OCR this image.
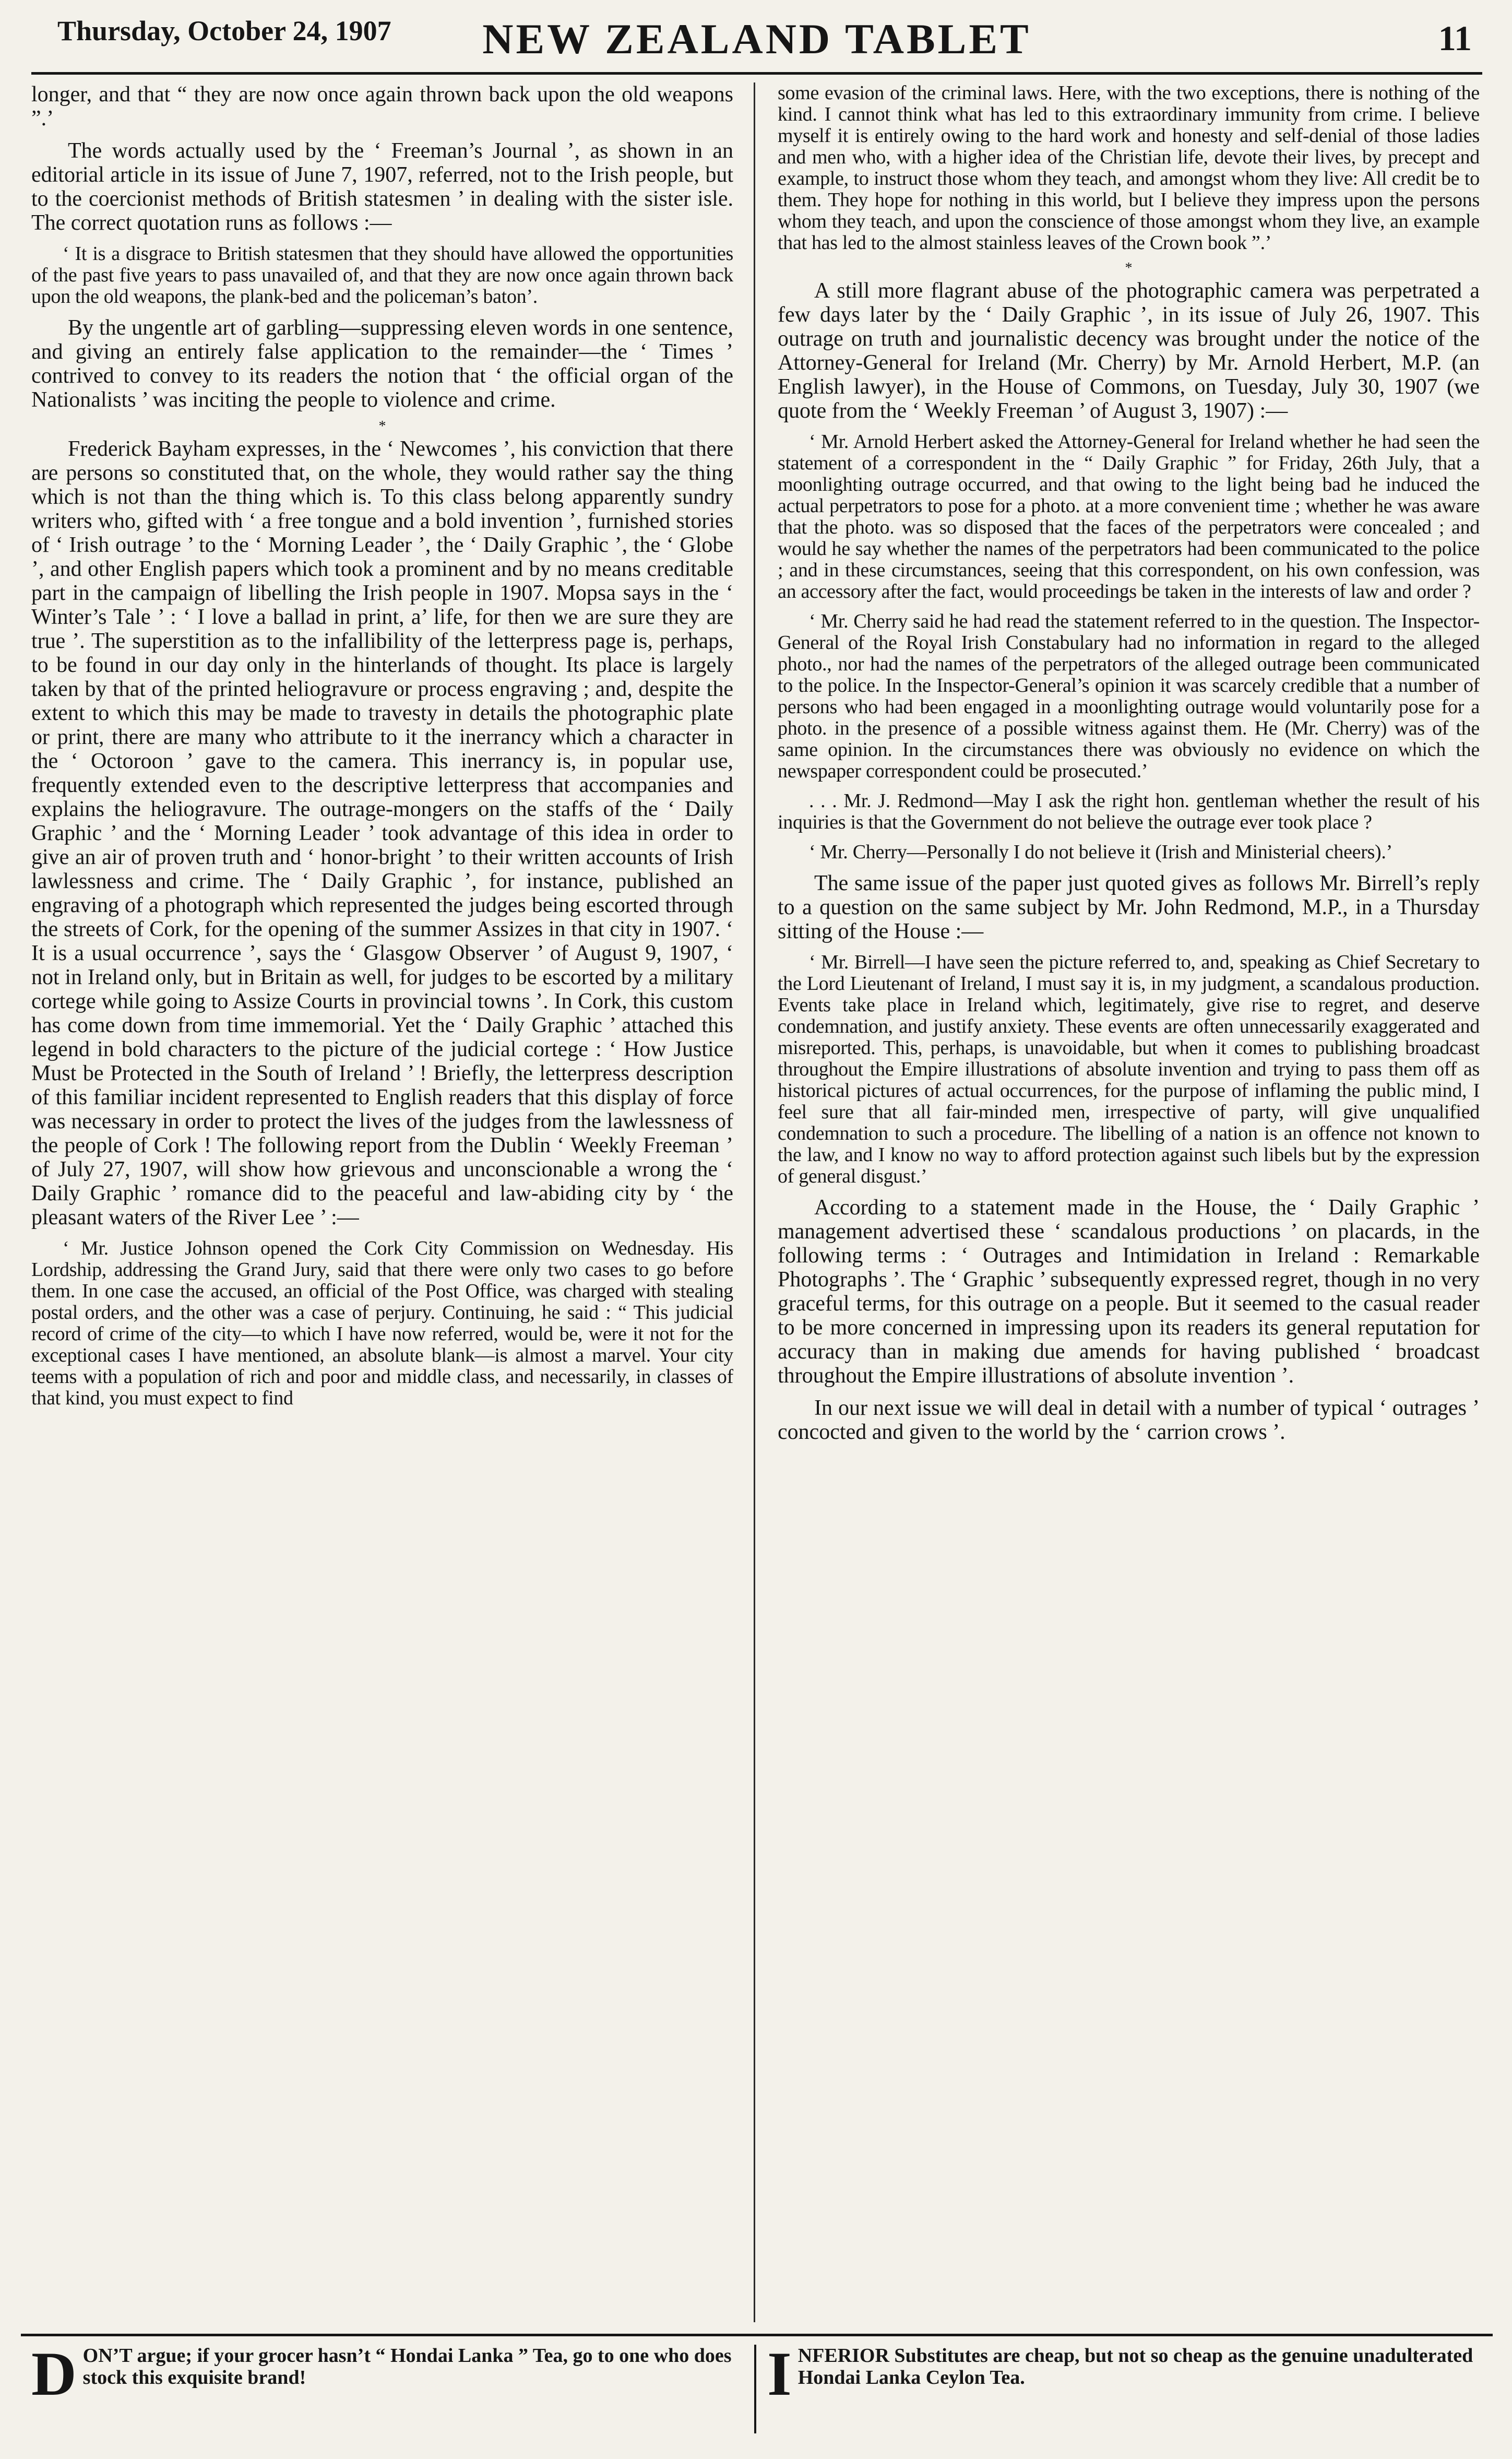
Thursday, October 24, 1907	NEW ZEALAND TABLET	11

longer, and that “ they are now once again thrown back upon the old weapons ”.’

The words actually used by the ‘ Freeman’s Journal ’, as shown in an editorial article in its issue of June 7, 1907, referred, not to the Irish people, but to the coercionist methods of British statesmen ’ in dealing with the sister isle. The correct quotation runs as follows :—

‘ It is a disgrace to British statesmen that they should have allowed the opportunities of the past five years to pass unavailed of, and that they are now once again thrown back upon the old weapons, the plank-bed and the policeman’s baton’.

By the ungentle art of garbling—suppressing eleven words in one sentence, and giving an entirely false application to the remainder—the ‘ Times ’ contrived to convey to its readers the notion that ‘ the official organ of the Nationalists ’ was inciting the people to violence and crime.

*

Frederick Bayham expresses, in the ‘ Newcomes ’, his conviction that there are persons so constituted that, on the whole, they would rather say the thing which is not than the thing which is. To this class belong apparently sundry writers who, gifted with ‘ a free tongue and a bold invention ’, furnished stories of ‘ Irish outrage ’ to the ‘ Morning Leader ’, the ‘ Daily Graphic ’, the ‘ Globe ’, and other English papers which took a prominent and by no means creditable part in the campaign of libelling the Irish people in 1907. Mopsa says in the ‘ Winter’s Tale ’ : ‘ I love a ballad in print, a’ life, for then we are sure they are true ’. The superstition as to the infallibility of the letterpress page is, perhaps, to be found in our day only in the hinterlands of thought. Its place is largely taken by that of the printed heliogravure or process engraving ; and, despite the extent to which this may be made to travesty in details the photographic plate or print, there are many who attribute to it the inerrancy which a character in the ‘ Octoroon ’ gave to the camera. This inerrancy is, in popular use, frequently extended even to the descriptive letterpress that accompanies and explains the heliogravure. The outrage-mongers on the staffs of the ‘ Daily Graphic ’ and the ‘ Morning Leader ’ took advantage of this idea in order to give an air of proven truth and ‘ honor-bright ’ to their written accounts of Irish lawlessness and crime. The ‘ Daily Graphic ’, for instance, published an engraving of a photograph which represented the judges being escorted through the streets of Cork, for the opening of the summer Assizes in that city in 1907. ‘ It is a usual occurrence ’, says the ‘ Glasgow Observer ’ of August 9, 1907, ‘ not in Ireland only, but in Britain as well, for judges to be escorted by a military cortege while going to Assize Courts in provincial towns ’. In Cork, this custom has come down from time immemorial. Yet the ‘ Daily Graphic ’ attached this legend in bold characters to the picture of the judicial cortege : ‘ How Justice Must be Protected in the South of Ireland ’ ! Briefly, the letterpress description of this familiar incident represented to English readers that this display of force was necessary in order to protect the lives of the judges from the lawlessness of the people of Cork ! The following report from the Dublin ‘ Weekly Freeman ’ of July 27, 1907, will show how grievous and unconscionable a wrong the ‘ Daily Graphic ’ romance did to the peaceful and law-abiding city by ‘ the pleasant waters of the River Lee ’ :—

‘ Mr. Justice Johnson opened the Cork City Commission on Wednesday. His Lordship, addressing the Grand Jury, said that there were only two cases to go before them. In one case the accused, an official of the Post Office, was charged with stealing postal orders, and the other was a case of perjury. Continuing, he said : “ This judicial record of crime of the city—to which I have now referred, would be, were it not for the exceptional cases I have mentioned, an absolute blank—is almost a marvel. Your city teems with a population of rich and poor and middle class, and necessarily, in classes of that kind, you must expect to find

some evasion of the criminal laws. Here, with the two exceptions, there is nothing of the kind. I cannot think what has led to this extraordinary immunity from crime. I believe myself it is entirely owing to the hard work and honesty and self-denial of those ladies and men who, with a higher idea of the Christian life, devote their lives, by precept and example, to instruct those whom they teach, and amongst whom they live: All credit be to them. They hope for nothing in this world, but I believe they impress upon the persons whom they teach, and upon the conscience of those amongst whom they live, an example that has led to the almost stainless leaves of the Crown book ”.’

*

A still more flagrant abuse of the photographic camera was perpetrated a few days later by the ‘ Daily Graphic ’, in its issue of July 26, 1907. This outrage on truth and journalistic decency was brought under the notice of the Attorney-General for Ireland (Mr. Cherry) by Mr. Arnold Herbert, M.P. (an English lawyer), in the House of Commons, on Tuesday, July 30, 1907 (we quote from the ‘ Weekly Freeman ’ of August 3, 1907) :—

‘ Mr. Arnold Herbert asked the Attorney-General for Ireland whether he had seen the statement of a correspondent in the “ Daily Graphic ” for Friday, 26th July, that a moonlighting outrage occurred, and that owing to the light being bad he induced the actual perpetrators to pose for a photo. at a more convenient time ; whether he was aware that the photo. was so disposed that the faces of the perpetrators were concealed ; and would he say whether the names of the perpetrators had been communicated to the police ; and in these circumstances, seeing that this correspondent, on his own confession, was an accessory after the fact, would proceedings be taken in the interests of law and order ?

‘ Mr. Cherry said he had read the statement referred to in the question. The Inspector-General of the Royal Irish Constabulary had no information in regard to the alleged photo., nor had the names of the perpetrators of the alleged outrage been communicated to the police. In the Inspector-General’s opinion it was scarcely credible that a number of persons who had been engaged in a moonlighting outrage would voluntarily pose for a photo. in the presence of a possible witness against them. He (Mr. Cherry) was of the same opinion. In the circumstances there was obviously no evidence on which the newspaper correspondent could be prosecuted.’

. . . Mr. J. Redmond—May I ask the right hon. gentleman whether the result of his inquiries is that the Government do not believe the outrage ever took place ?

‘ Mr. Cherry—Personally I do not believe it (Irish and Ministerial cheers).’

The same issue of the paper just quoted gives as follows Mr. Birrell’s reply to a question on the same subject by Mr. John Redmond, M.P., in a Thursday sitting of the House :—

‘ Mr. Birrell—I have seen the picture referred to, and, speaking as Chief Secretary to the Lord Lieutenant of Ireland, I must say it is, in my judgment, a scandalous production. Events take place in Ireland which, legitimately, give rise to regret, and deserve condemnation, and justify anxiety. These events are often unnecessarily exaggerated and misreported. This, perhaps, is unavoidable, but when it comes to publishing broadcast throughout the Empire illustrations of absolute invention and trying to pass them off as historical pictures of actual occurrences, for the purpose of inflaming the public mind, I feel sure that all fair-minded men, irrespective of party, will give unqualified condemnation to such a procedure. The libelling of a nation is an offence not known to the law, and I know no way to afford protection against such libels but by the expression of general disgust.’

According to a statement made in the House, the ‘ Daily Graphic ’ management advertised these ‘ scandalous productions ’ on placards, in the following terms : ‘ Outrages and Intimidation in Ireland : Remarkable Photographs ’. The ‘ Graphic ’ subsequently expressed regret, though in no very graceful terms, for this outrage on a people. But it seemed to the casual reader to be more concerned in impressing upon its readers its general reputation for accuracy than in making due amends for having published ‘ broadcast throughout the Empire illustrations of absolute invention ’.

In our next issue we will deal in detail with a number of typical ‘ outrages ’ concocted and given to the world by the ‘ carrion crows ’.

D ON’T argue; if your grocer hasn’t “ Hondai Lanka ” Tea, go to one who does stock this exquisite brand!	I NFERIOR Substitutes are cheap, but not so cheap as the genuine unadulterated Hondai Lanka Ceylon Tea.
